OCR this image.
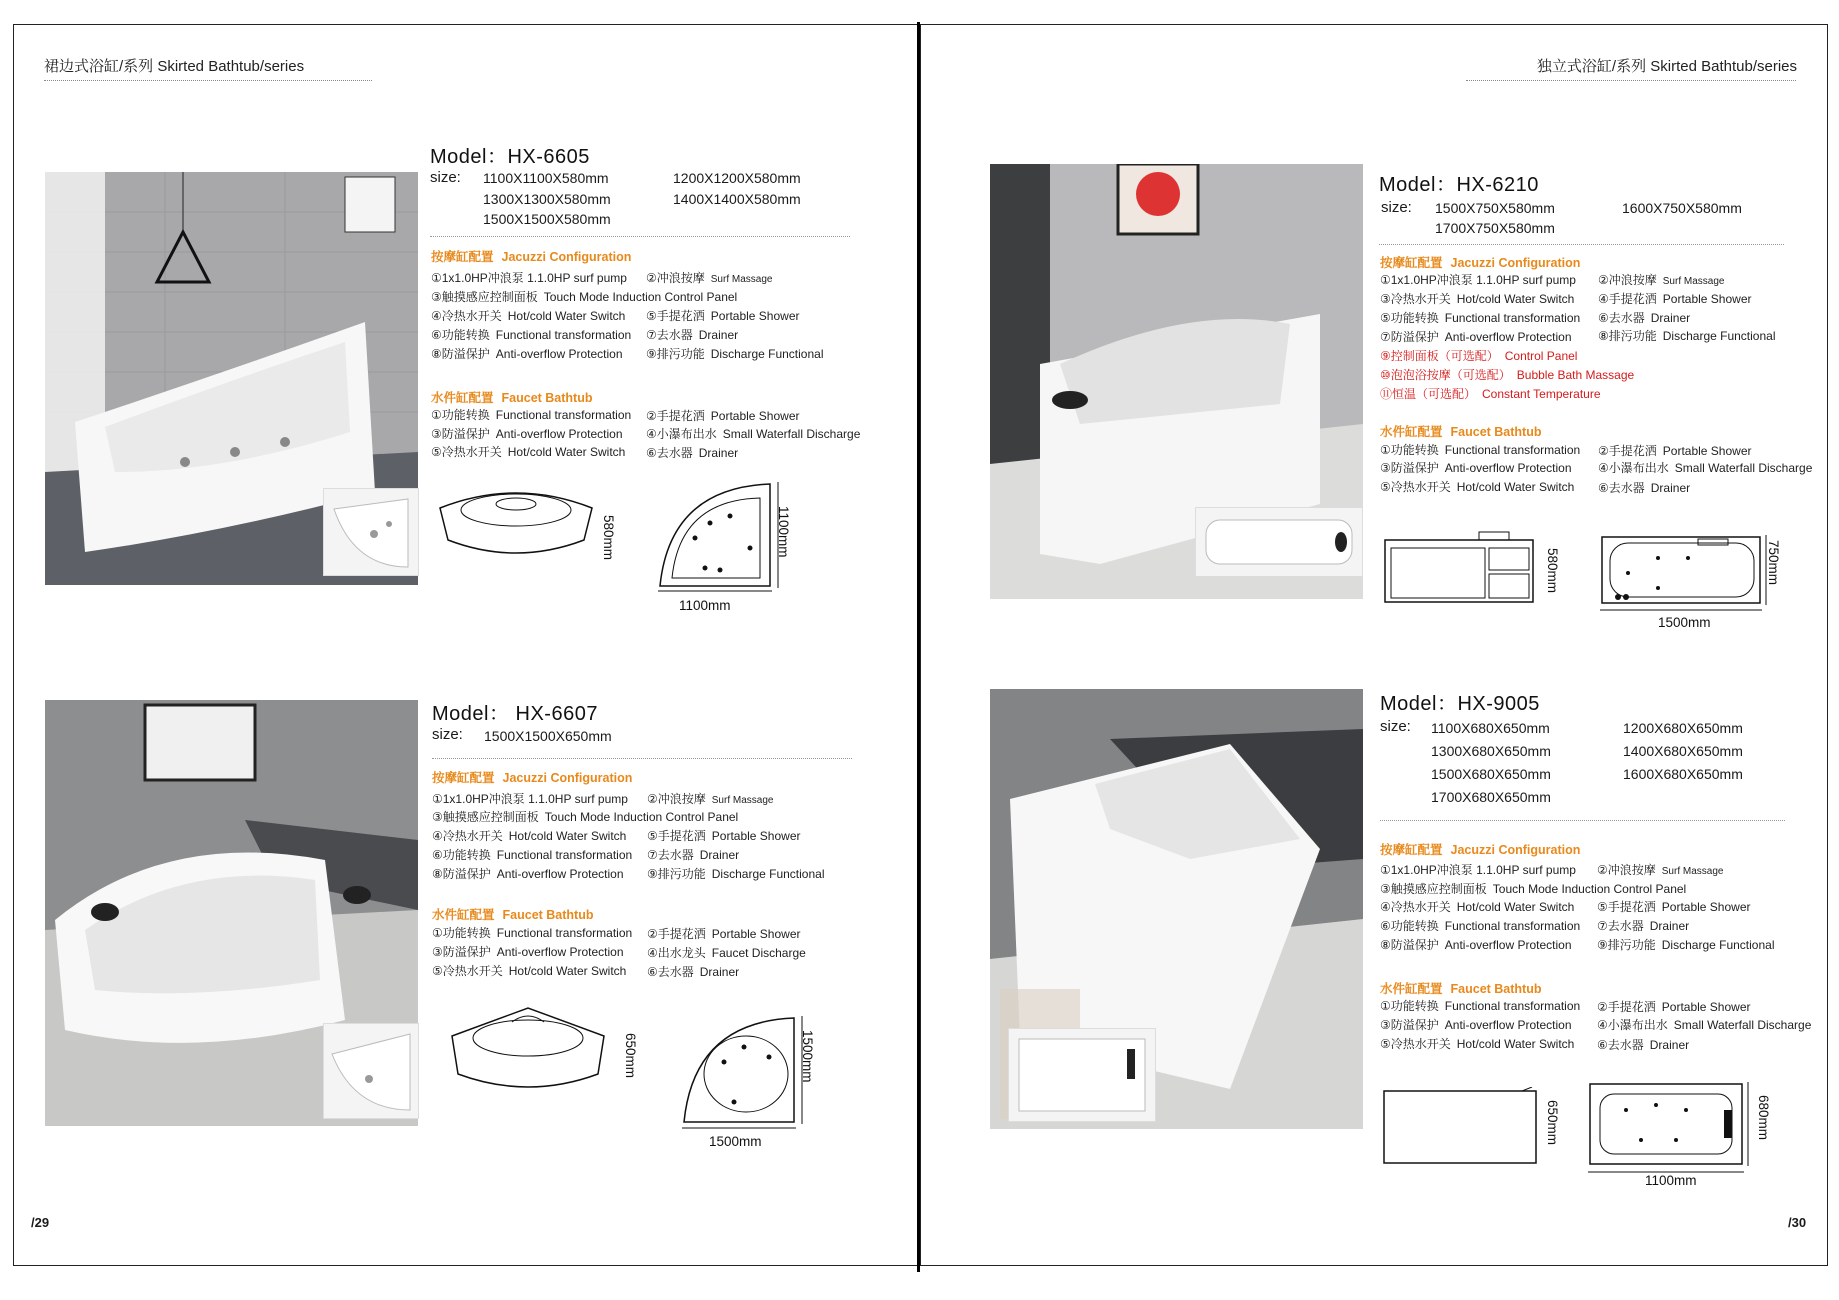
裙边式浴缸/系列 Skirted Bathtub/series	独立式浴缸/系列 Skirted Bathtub/series
/29	/30
Model：HX-6605
size: 1100X1100X580mm	1200X1200X580mm
1300X1300X580mm	1400X1400X580mm
1500X1500X580mm
按摩缸配置 Jacuzzi Configuration
①1x1.0HP冲浪泵 1.1.0HP surf pump ②冲浪按摩 Surf Massage
③触摸感应控制面板 Touch Mode Induction Control Panel
④冷热水开关 Hot/cold Water Switch ⑤手提花洒 Portable Shower
⑥功能转换 Functional transformation ⑦去水器 Drainer
⑧防溢保护 Anti-overflow Protection ⑨排污功能 Discharge Functional
水件缸配置 Faucet Bathtub
①功能转换 Functional transformation ②手提花洒 Portable Shower
③防溢保护 Anti-overflow Protection ④小瀑布出水 Small Waterfall Discharge
⑤冷热水开关 Hot/cold Water Switch ⑥去水器 Drainer
580mm	1100mm
1100mm
Model： HX-6607
size: 1500X1500X650mm
按摩缸配置 Jacuzzi Configuration
①1x1.0HP冲浪泵 1.1.0HP surf pump ②冲浪按摩 Surf Massage
③触摸感应控制面板 Touch Mode Induction Control Panel
④冷热水开关 Hot/cold Water Switch ⑤手提花洒 Portable Shower
⑥功能转换 Functional transformation ⑦去水器 Drainer
⑧防溢保护 Anti-overflow Protection ⑨排污功能 Discharge Functional
水件缸配置 Faucet Bathtub
①功能转换 Functional transformation ②手提花洒 Portable Shower
③防溢保护 Anti-overflow Protection ④出水龙头 Faucet Discharge
⑤冷热水开关 Hot/cold Water Switch ⑥去水器 Drainer
650mm	1500mm
1500mm
Model：HX-6210
size: 1500X750X580mm	1600X750X580mm
1700X750X580mm
按摩缸配置 Jacuzzi Configuration
①1x1.0HP冲浪泵 1.1.0HP surf pump ②冲浪按摩 Surf Massage
③冷热水开关 Hot/cold Water Switch ④手提花洒 Portable Shower
⑤功能转换 Functional transformation ⑥去水器 Drainer
⑦防溢保护 Anti-overflow Protection ⑧排污功能 Discharge Functional
⑨控制面板（可选配） Control Panel
⑩泡泡浴按摩（可选配） Bubble Bath Massage
⑪恒温（可选配） Constant Temperature
水件缸配置 Faucet Bathtub
①功能转换 Functional transformation ②手提花洒 Portable Shower
③防溢保护 Anti-overflow Protection ④小瀑布出水 Small Waterfall Discharge
⑤冷热水开关 Hot/cold Water Switch ⑥去水器 Drainer
580mm	750mm
1500mm
Model：HX-9005
size: 1100X680X650mm	1200X680X650mm
1300X680X650mm	1400X680X650mm
1500X680X650mm	1600X680X650mm
1700X680X650mm
按摩缸配置 Jacuzzi Configuration
①1x1.0HP冲浪泵 1.1.0HP surf pump ②冲浪按摩 Surf Massage
③触摸感应控制面板 Touch Mode Induction Control Panel
④冷热水开关 Hot/cold Water Switch ⑤手提花洒 Portable Shower
⑥功能转换 Functional transformation ⑦去水器 Drainer
⑧防溢保护 Anti-overflow Protection ⑨排污功能 Discharge Functional
水件缸配置 Faucet Bathtub
①功能转换 Functional transformation ②手提花洒 Portable Shower
③防溢保护 Anti-overflow Protection ④小瀑布出水 Small Waterfall Discharge
⑤冷热水开关 Hot/cold Water Switch ⑥去水器 Drainer
650mm	680mm
1100mm
